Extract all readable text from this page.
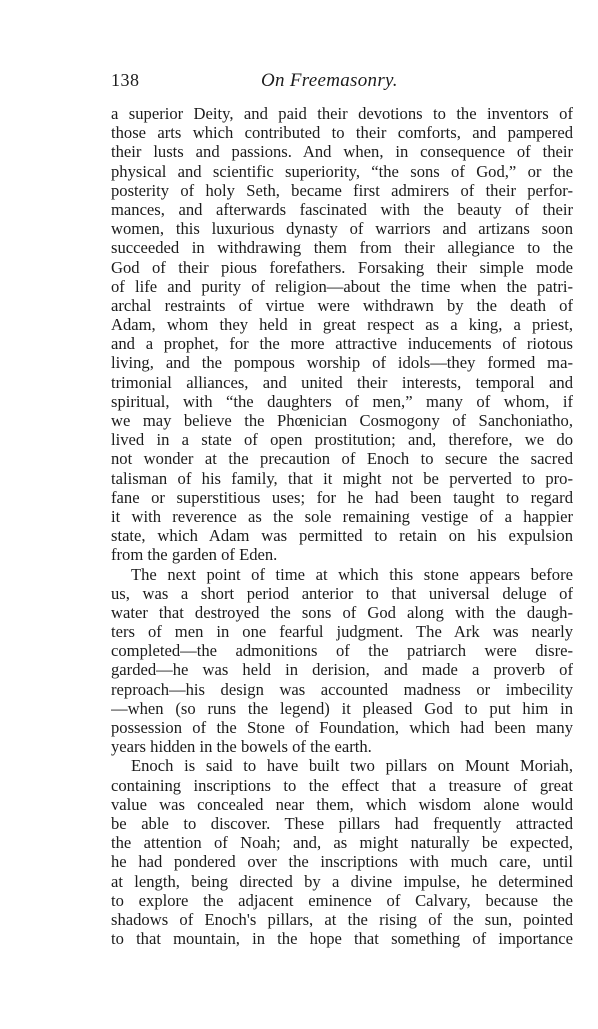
138	On Freemasonry.
a superior Deity, and paid their devotions to the inventors of
those arts which contributed to their comforts, and pampered
their lusts and passions. And when, in consequence of their
physical and scientific superiority, “the sons of God,” or the
posterity of holy Seth, became first admirers of their perfor-
mances, and afterwards fascinated with the beauty of their
women, this luxurious dynasty of warriors and artizans soon
succeeded in withdrawing them from their allegiance to the
God of their pious forefathers. Forsaking their simple mode
of life and purity of religion—about the time when the patri-
archal restraints of virtue were withdrawn by the death of
Adam, whom they held in great respect as a king, a priest,
and a prophet, for the more attractive inducements of riotous
living, and the pompous worship of idols—they formed ma-
trimonial alliances, and united their interests, temporal and
spiritual, with “the daughters of men,” many of whom, if
we may believe the Phœnician Cosmogony of Sanchoniatho,
lived in a state of open prostitution; and, therefore, we do
not wonder at the precaution of Enoch to secure the sacred
talisman of his family, that it might not be perverted to pro-
fane or superstitious uses; for he had been taught to regard
it with reverence as the sole remaining vestige of a happier
state, which Adam was permitted to retain on his expulsion
from the garden of Eden.
The next point of time at which this stone appears before
us, was a short period anterior to that universal deluge of
water that destroyed the sons of God along with the daugh-
ters of men in one fearful judgment. The Ark was nearly
completed—the admonitions of the patriarch were disre-
garded—he was held in derision, and made a proverb of
reproach—his design was accounted madness or imbecility
—when (so runs the legend) it pleased God to put him in
possession of the Stone of Foundation, which had been many
years hidden in the bowels of the earth.
Enoch is said to have built two pillars on Mount Moriah,
containing inscriptions to the effect that a treasure of great
value was concealed near them, which wisdom alone would
be able to discover. These pillars had frequently attracted
the attention of Noah; and, as might naturally be expected,
he had pondered over the inscriptions with much care, until
at length, being directed by a divine impulse, he determined
to explore the adjacent eminence of Calvary, because the
shadows of Enoch's pillars, at the rising of the sun, pointed
to that mountain, in the hope that something of importance
